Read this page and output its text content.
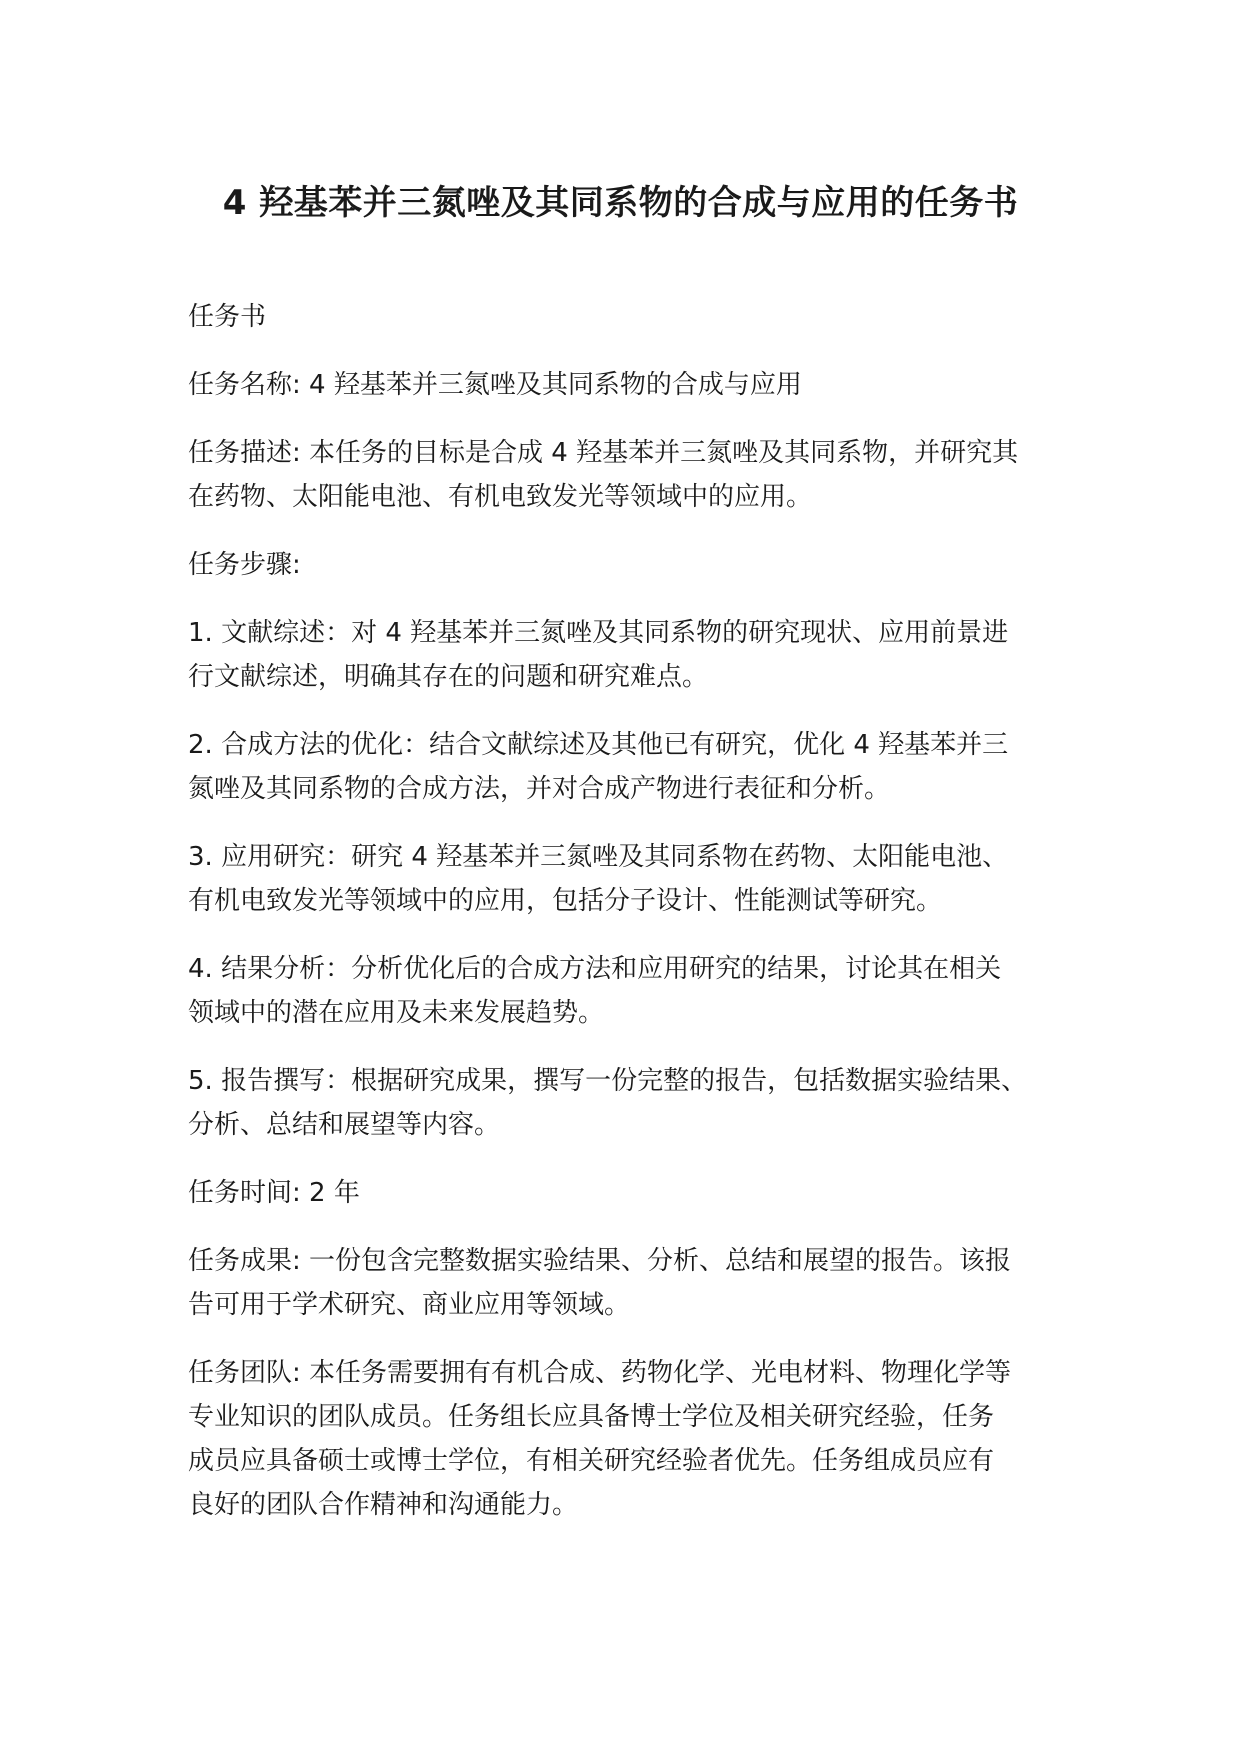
4 羟基苯并三氮唑及其同系物的合成与应用的任务书

任务书

任务名称: 4 羟基苯并三氮唑及其同系物的合成与应用

任务描述: 本任务的目标是合成 4 羟基苯并三氮唑及其同系物，并研究其
在药物、太阳能电池、有机电致发光等领域中的应用。

任务步骤:

1. 文献综述：对 4 羟基苯并三氮唑及其同系物的研究现状、应用前景进
行文献综述，明确其存在的问题和研究难点。

2. 合成方法的优化：结合文献综述及其他已有研究，优化 4 羟基苯并三
氮唑及其同系物的合成方法，并对合成产物进行表征和分析。

3. 应用研究：研究 4 羟基苯并三氮唑及其同系物在药物、太阳能电池、
有机电致发光等领域中的应用，包括分子设计、性能测试等研究。

4. 结果分析：分析优化后的合成方法和应用研究的结果，讨论其在相关
领域中的潜在应用及未来发展趋势。

5. 报告撰写：根据研究成果，撰写一份完整的报告，包括数据实验结果、
分析、总结和展望等内容。

任务时间: 2 年

任务成果: 一份包含完整数据实验结果、分析、总结和展望的报告。该报
告可用于学术研究、商业应用等领域。

任务团队: 本任务需要拥有有机合成、药物化学、光电材料、物理化学等
专业知识的团队成员。任务组长应具备博士学位及相关研究经验，任务
成员应具备硕士或博士学位，有相关研究经验者优先。任务组成员应有
良好的团队合作精神和沟通能力。
